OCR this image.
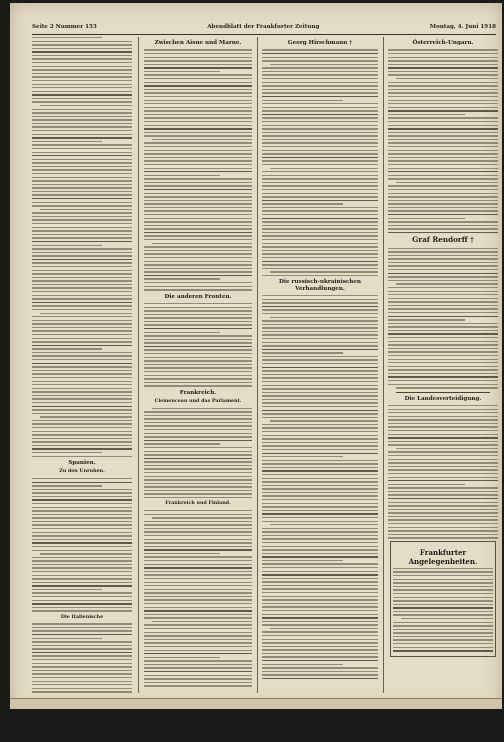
Seite 2 Nummer 153	Abendblatt der Frankfurter Zeitung	Montag, 4. Juni 1918
Spanien.
Zu den Unruhen.
Die Italienische
Zwischen Aisne und Marne.
Die anderen Fronten.
Frankreich.
Clemenceau und das Parlament.
Frankreich und Finland.
Georg Hirschmann †
Die russisch-ukrainischen Verhandlungen.
Österreich-Ungarn.
Graf Rendorff †
Die Landesverteidigung.
Frankfurter Angelegenheiten.
